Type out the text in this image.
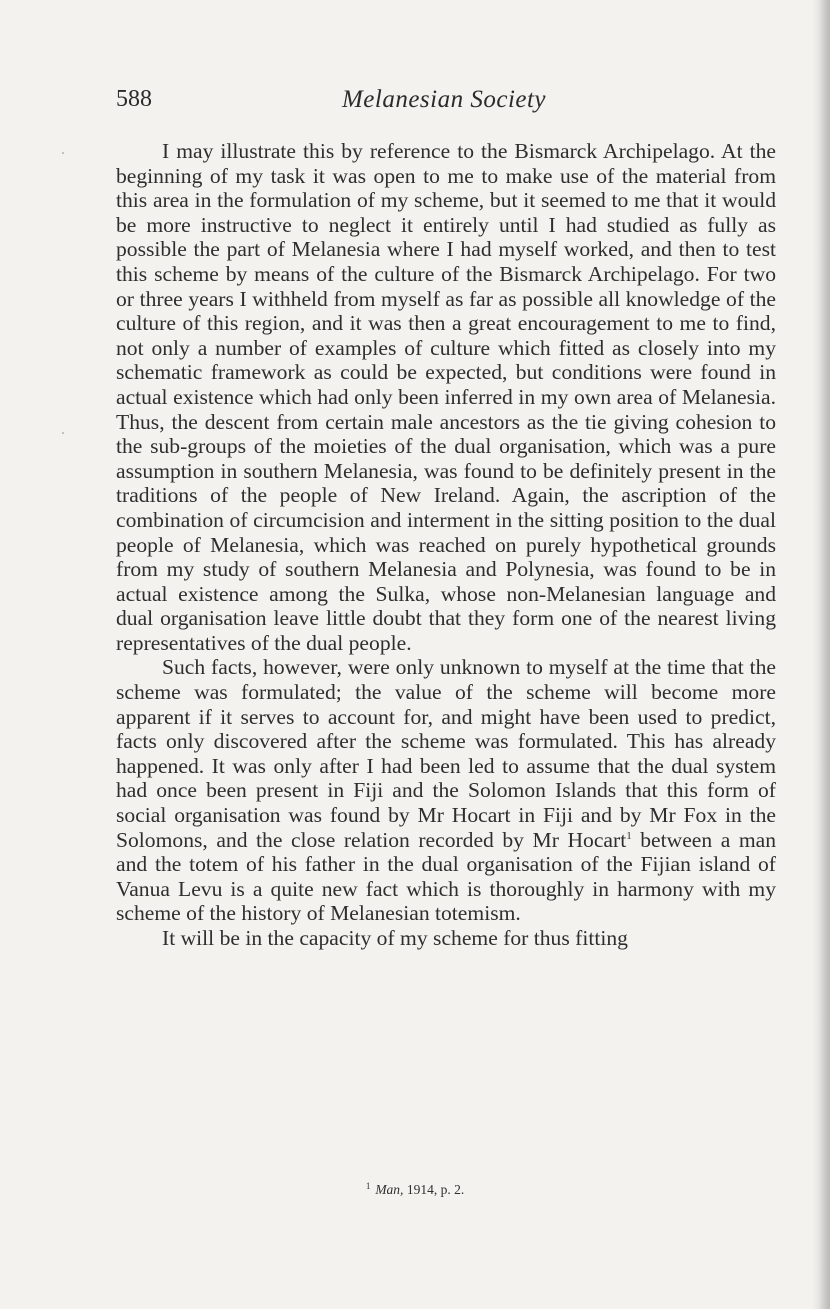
588	Melanesian Society

I may illustrate this by reference to the Bismarck Archipelago. At the beginning of my task it was open to me to make use of the material from this area in the formulation of my scheme, but it seemed to me that it would be more instructive to neglect it entirely until I had studied as fully as possible the part of Melanesia where I had myself worked, and then to test this scheme by means of the culture of the Bismarck Archipelago. For two or three years I withheld from myself as far as possible all knowledge of the culture of this region, and it was then a great encouragement to me to find, not only a number of examples of culture which fitted as closely into my schematic framework as could be expected, but conditions were found in actual existence which had only been inferred in my own area of Melanesia. Thus, the descent from certain male ancestors as the tie giving cohesion to the sub-groups of the moieties of the dual organisation, which was a pure assumption in southern Melanesia, was found to be definitely present in the traditions of the people of New Ireland. Again, the ascription of the combination of circumcision and interment in the sitting position to the dual people of Melanesia, which was reached on purely hypothetical grounds from my study of southern Melanesia and Polynesia, was found to be in actual existence among the Sulka, whose non-Melanesian language and dual organisation leave little doubt that they form one of the nearest living representatives of the dual people.

Such facts, however, were only unknown to myself at the time that the scheme was formulated; the value of the scheme will become more apparent if it serves to account for, and might have been used to predict, facts only discovered after the scheme was formulated. This has already happened. It was only after I had been led to assume that the dual system had once been present in Fiji and the Solomon Islands that this form of social organisation was found by Mr Hocart in Fiji and by Mr Fox in the Solomons, and the close relation recorded by Mr Hocart$^1$ between a man and the totem of his father in the dual organisation of the Fijian island of Vanua Levu is a quite new fact which is thoroughly in harmony with my scheme of the history of Melanesian totemism.

It will be in the capacity of my scheme for thus fitting

$^1$ Man, 1914, p. 2.
